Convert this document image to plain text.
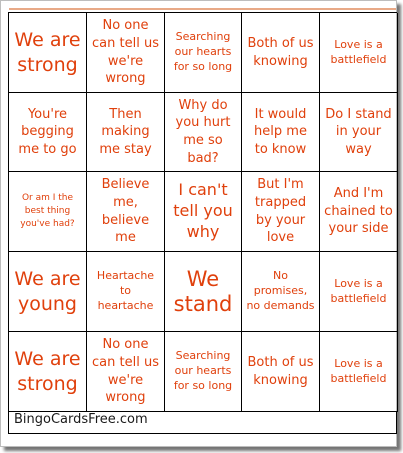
We are strong
No one can tell us we're wrong
Searching our hearts for so long
Both of us knowing
Love is a battlefield
You're begging me to go
Then making me stay
Why do you hurt me so bad?
It would help me to know
Do I stand in your way
Or am I the best thing you've had?
Believe me, believe me
I can't tell you why
But I'm trapped by your love
And I'm chained to your side
We are young
Heartache to heartache
We stand
No promises, no demands
Love is a battlefield
We are strong
No one can tell us we're wrong
Searching our hearts for so long
Both of us knowing
Love is a battlefield
BingoCardsFree.com
